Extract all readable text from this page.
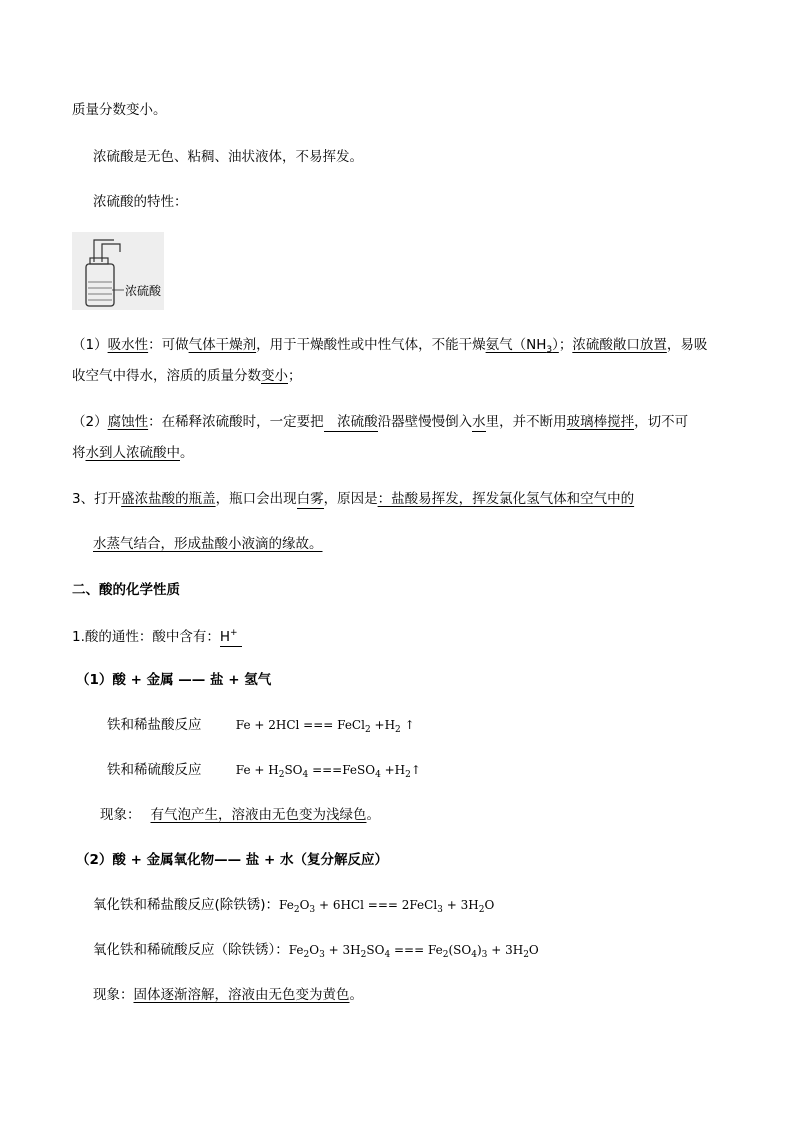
质量分数变小。
浓硫酸是无色、粘稠、油状液体，不易挥发。
浓硫酸的特性：
浓硫酸
（1）吸水性：可做气体干燥剂，用于干燥酸性或中性气体，不能干燥氨气$(NH_3)$；浓硫酸敞口放置，易吸
收空气中得水，溶质的质量分数变小；
（2）腐蚀性：在稀释浓硫酸时，一定要把　浓硫酸沿器壁慢慢倒入水里，并不断用玻璃棒搅拌，切不可
将水到人浓硫酸中。
3、打开盛浓盐酸的瓶盖，瓶口会出现白雾，原因是：盐酸易挥发，挥发氯化氢气体和空气中的
水蒸气结合，形成盐酸小液滴的缘故。
二、酸的化学性质
1.酸的通性：酸中含有：H+
（1）酸 + 金属 —— 盐 + 氢气
铁和稀盐酸反应	Fe + 2HCl === FeCl$_2$ $+H_2$ ↑
铁和稀硫酸反应	$Fe + H_2SO_4$ ===FeSO$_4$ $+H_2↑$
现象： 有气泡产生，溶液由无色变为浅绿色。
（2）酸 + 金属氧化物—— 盐 + 水（复分解反应）
氧化铁和稀盐酸反应(除铁锈)：$Fe_2O_3 + 6HCl$ === 2FeCl$_3$ + $3H_2O$
氧化铁和稀硫酸反应（除铁锈）：$Fe_2O_3 + 3H_2SO_4$ === $Fe_2(SO_4)_3 + 3H_2O$
现象：固体逐渐溶解，溶液由无色变为黄色。
